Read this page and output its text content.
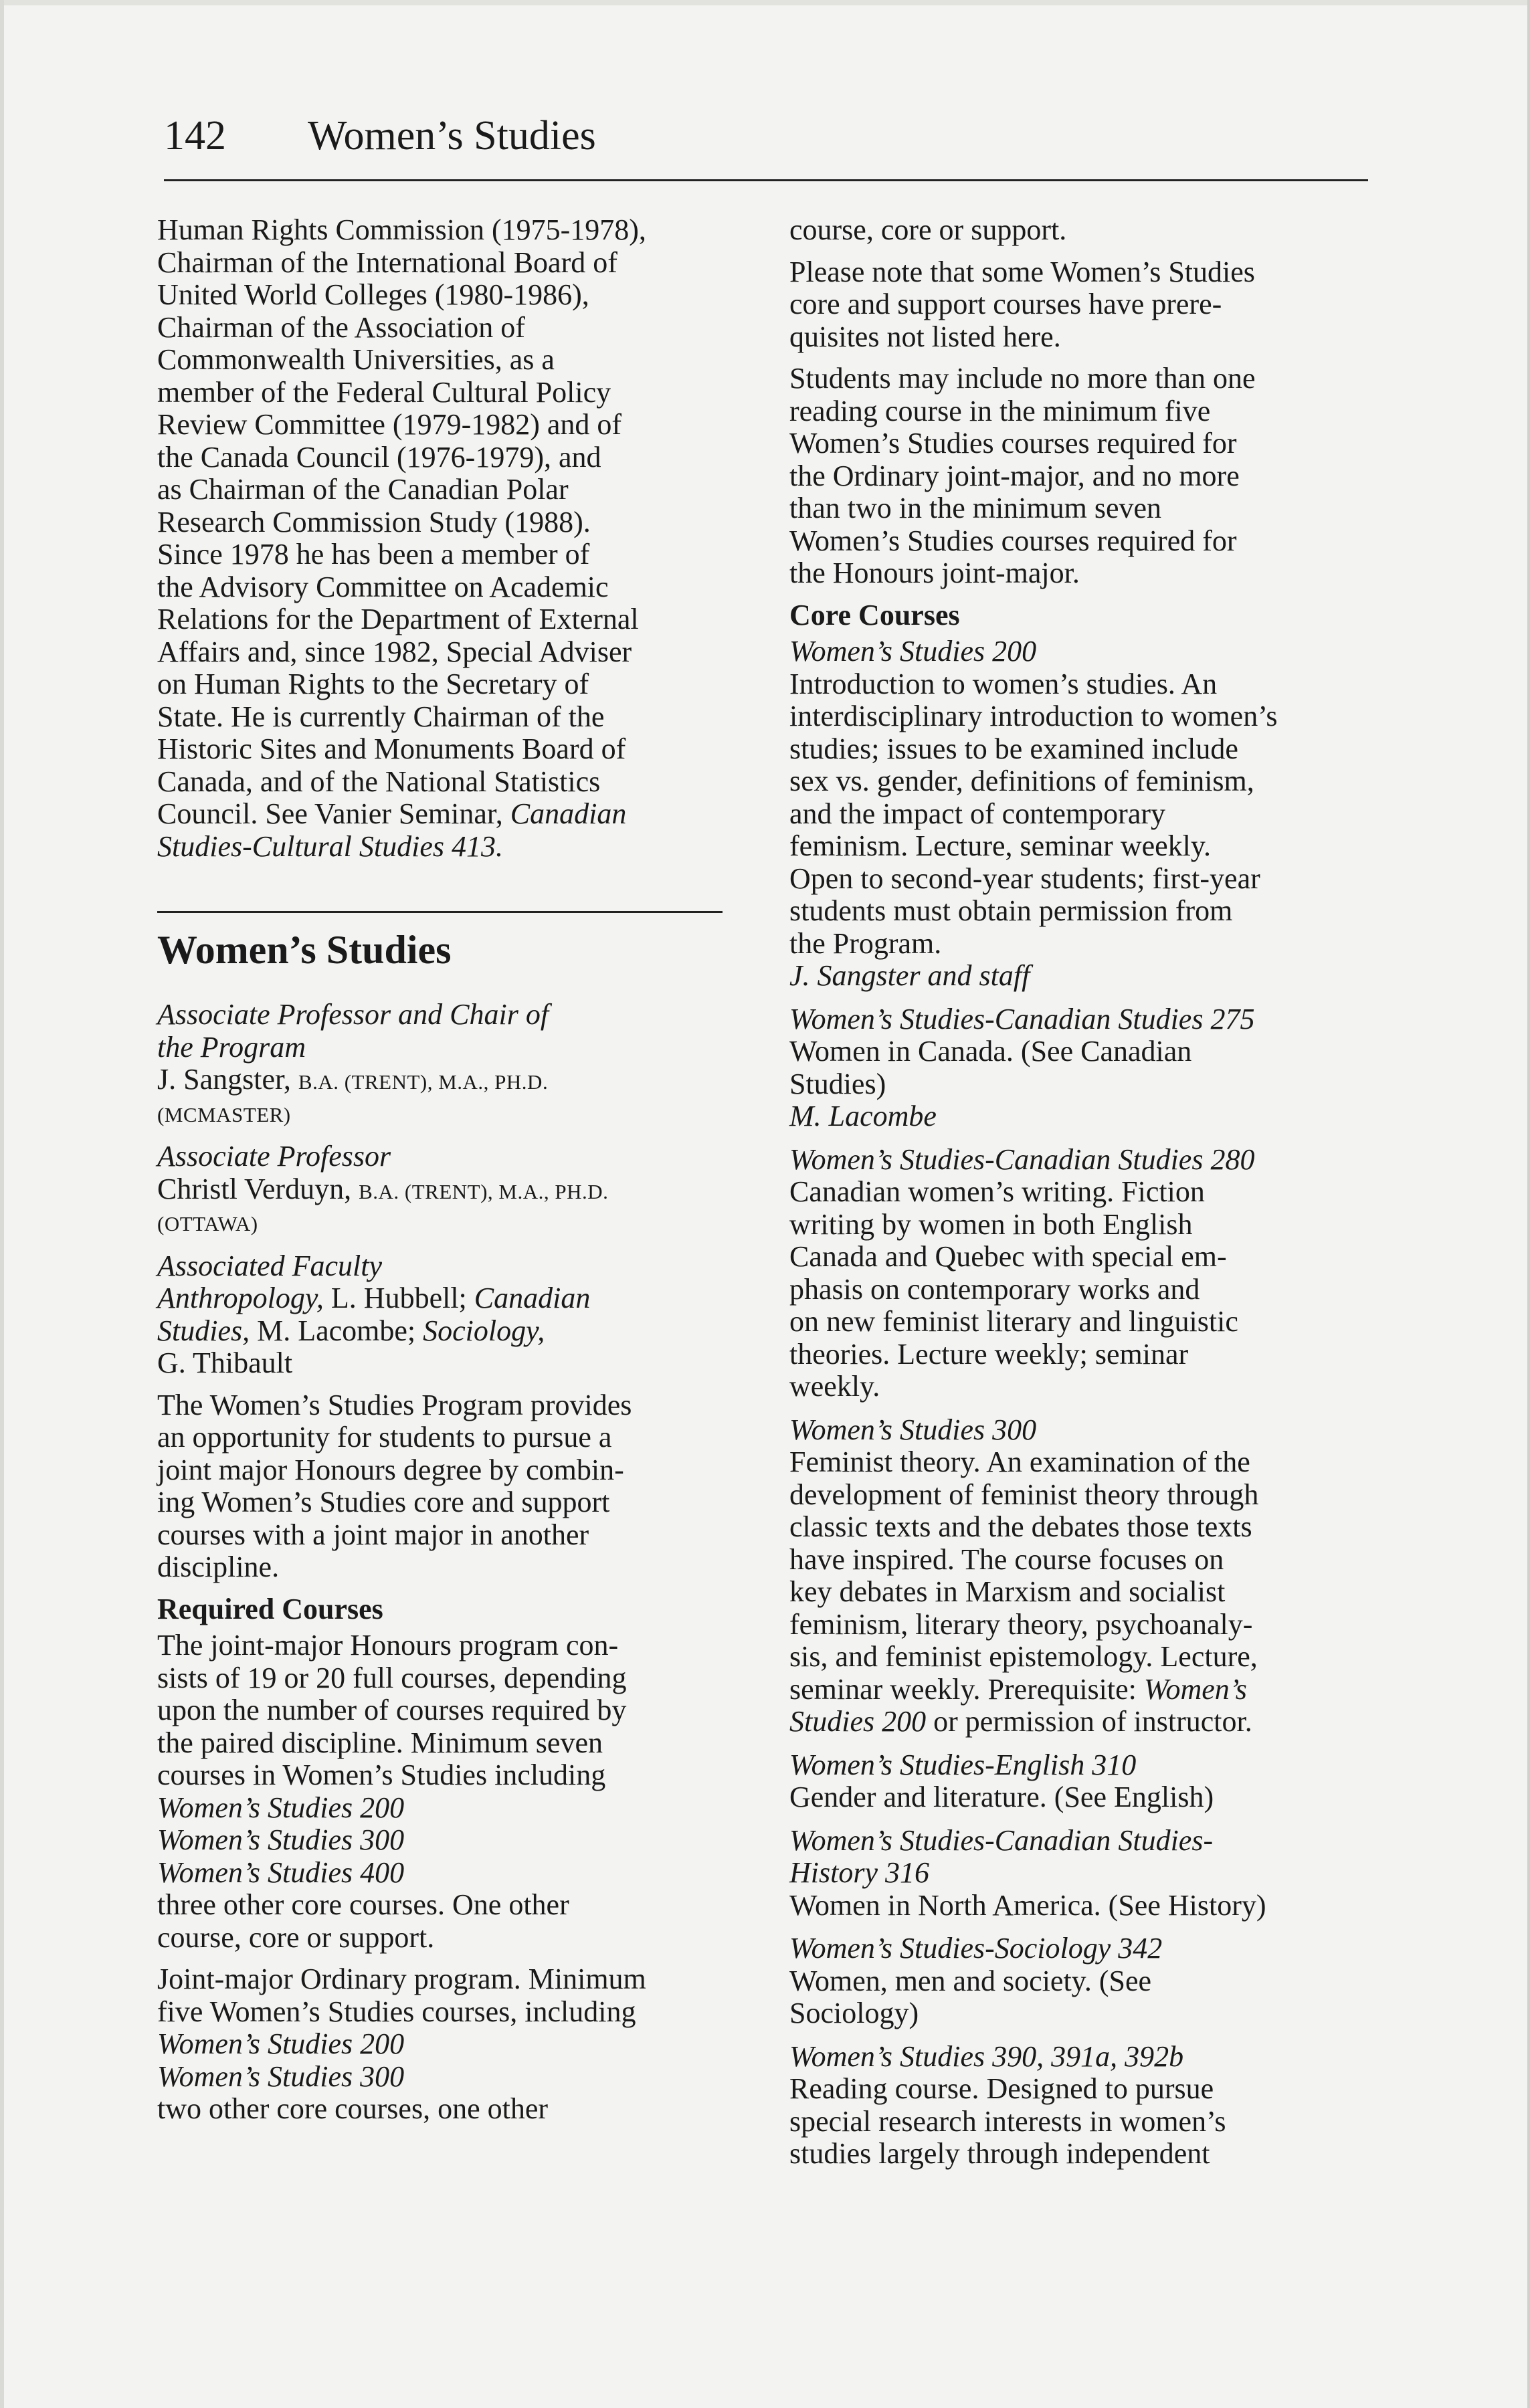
142 Women’s Studies
Human Rights Commission (1975-1978),
Chairman of the International Board of
United World Colleges (1980-1986),
Chairman of the Association of
Commonwealth Universities, as a
member of the Federal Cultural Policy
Review Committee (1979-1982) and of
the Canada Council (1976-1979), and
as Chairman of the Canadian Polar
Research Commission Study (1988).
Since 1978 he has been a member of
the Advisory Committee on Academic
Relations for the Department of External
Affairs and, since 1982, Special Adviser
on Human Rights to the Secretary of
State. He is currently Chairman of the
Historic Sites and Monuments Board of
Canada, and of the National Statistics
Council. See Vanier Seminar, Canadian
Studies-Cultural Studies 413.
Women’s Studies

Associate Professor and Chair of
the Program
J. Sangster, B.A. (TRENT), M.A., PH.D.
(MCMASTER)

Associate Professor
Christl Verduyn, B.A. (TRENT), M.A., PH.D.
(OTTAWA)

Associated Faculty
Anthropology, L. Hubbell; Canadian
Studies, M. Lacombe; Sociology,
G. Thibault

The Women’s Studies Program provides
an opportunity for students to pursue a
joint major Honours degree by combin-
ing Women’s Studies core and support
courses with a joint major in another
discipline.

Required Courses

The joint-major Honours program con-
sists of 19 or 20 full courses, depending
upon the number of courses required by
the paired discipline. Minimum seven
courses in Women’s Studies including
Women’s Studies 200
Women’s Studies 300
Women’s Studies 400
three other core courses. One other
course, core or support.

Joint-major Ordinary program. Minimum
five Women’s Studies courses, including
Women’s Studies 200
Women’s Studies 300
two other core courses, one other

course, core or support.

Please note that some Women’s Studies
core and support courses have prere-
quisites not listed here.

Students may include no more than one
reading course in the minimum five
Women’s Studies courses required for
the Ordinary joint-major, and no more
than two in the minimum seven
Women’s Studies courses required for
the Honours joint-major.

Core Courses
Women’s Studies 200
Introduction to women’s studies. An
interdisciplinary introduction to women’s
studies; issues to be examined include
sex vs. gender, definitions of feminism,
and the impact of contemporary
feminism. Lecture, seminar weekly.
Open to second-year students; first-year
students must obtain permission from
the Program.
J. Sangster and staff
Women’s Studies-Canadian Studies 275
Women in Canada. (See Canadian
Studies)
M. Lacombe
Women’s Studies-Canadian Studies 280
Canadian women’s writing. Fiction
writing by women in both English
Canada and Quebec with special em-
phasis on contemporary works and
on new feminist literary and linguistic
theories. Lecture weekly; seminar
weekly.
Women’s Studies 300
Feminist theory. An examination of the
development of feminist theory through
classic texts and the debates those texts
have inspired. The course focuses on
key debates in Marxism and socialist
feminism, literary theory, psychoanaly-
sis, and feminist epistemology. Lecture,
seminar weekly. Prerequisite: Women’s
Studies 200 or permission of instructor.
Women’s Studies-English 310
Gender and literature. (See English)
Women’s Studies-Canadian Studies-
History 316
Women in North America. (See History)
Women’s Studies-Sociology 342
Women, men and society. (See
Sociology)
Women’s Studies 390, 391a, 392b
Reading course. Designed to pursue
special research interests in women’s
studies largely through independent
